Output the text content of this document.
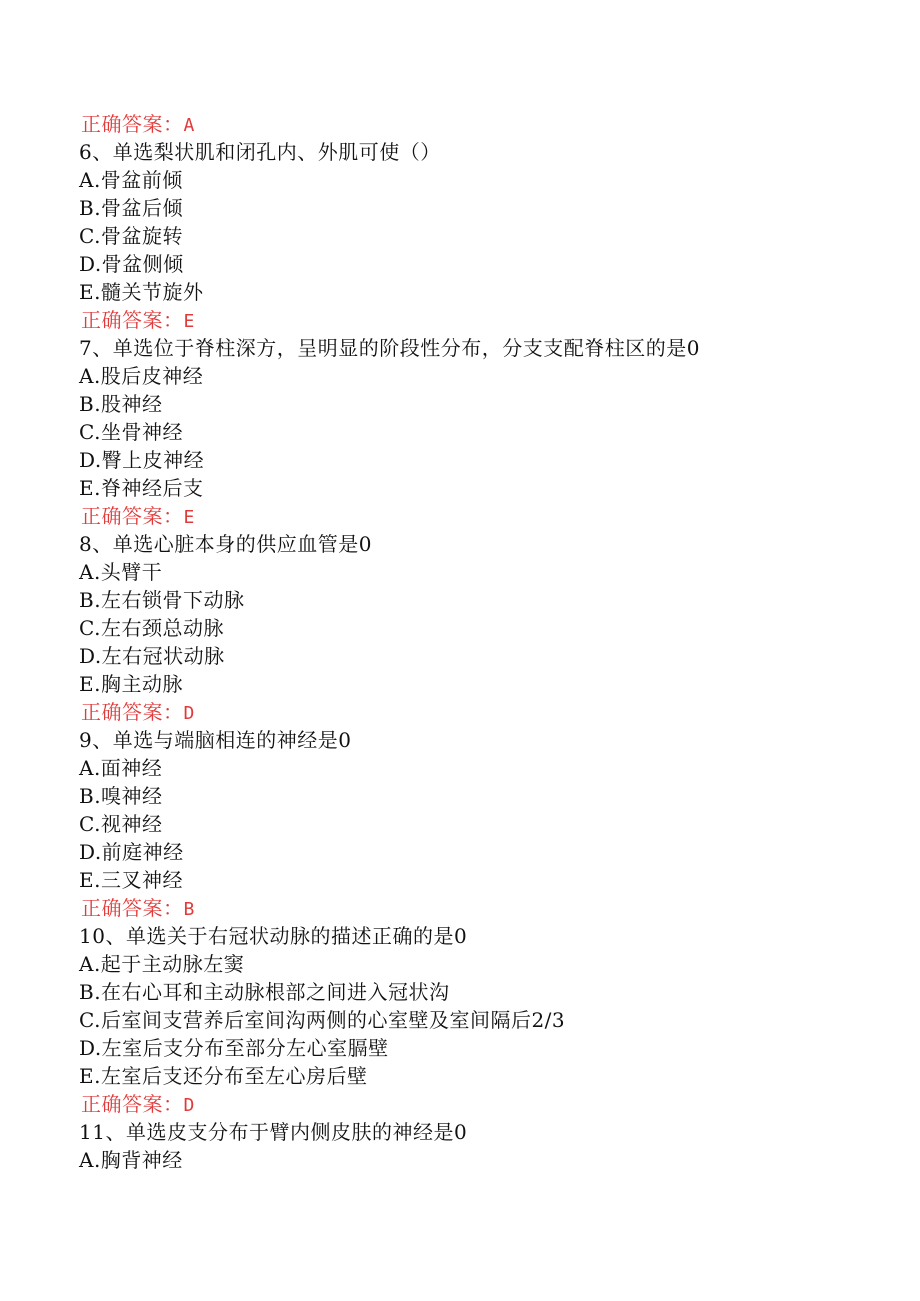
正确答案：A
6、单选梨状肌和闭孔内、外肌可使（）
A.骨盆前倾
B.骨盆后倾
C.骨盆旋转
D.骨盆侧倾
E.髓关节旋外
正确答案：E
7、单选位于脊柱深方，呈明显的阶段性分布，分支支配脊柱区的是0
A.股后皮神经
B.股神经
C.坐骨神经
D.臀上皮神经
E.脊神经后支
正确答案：E
8、单选心脏本身的供应血管是0
A.头臂干
B.左右锁骨下动脉
C.左右颈总动脉
D.左右冠状动脉
E.胸主动脉
正确答案：D
9、单选与端脑相连的神经是0
A.面神经
B.嗅神经
C.视神经
D.前庭神经
E.三叉神经
正确答案：B
10、单选关于右冠状动脉的描述正确的是0
A.起于主动脉左窦
B.在右心耳和主动脉根部之间进入冠状沟
C.后室间支营养后室间沟两侧的心室壁及室间隔后2/3
D.左室后支分布至部分左心室膈壁
E.左室后支还分布至左心房后壁
正确答案：D
11、单选皮支分布于臂内侧皮肤的神经是0
A.胸背神经
